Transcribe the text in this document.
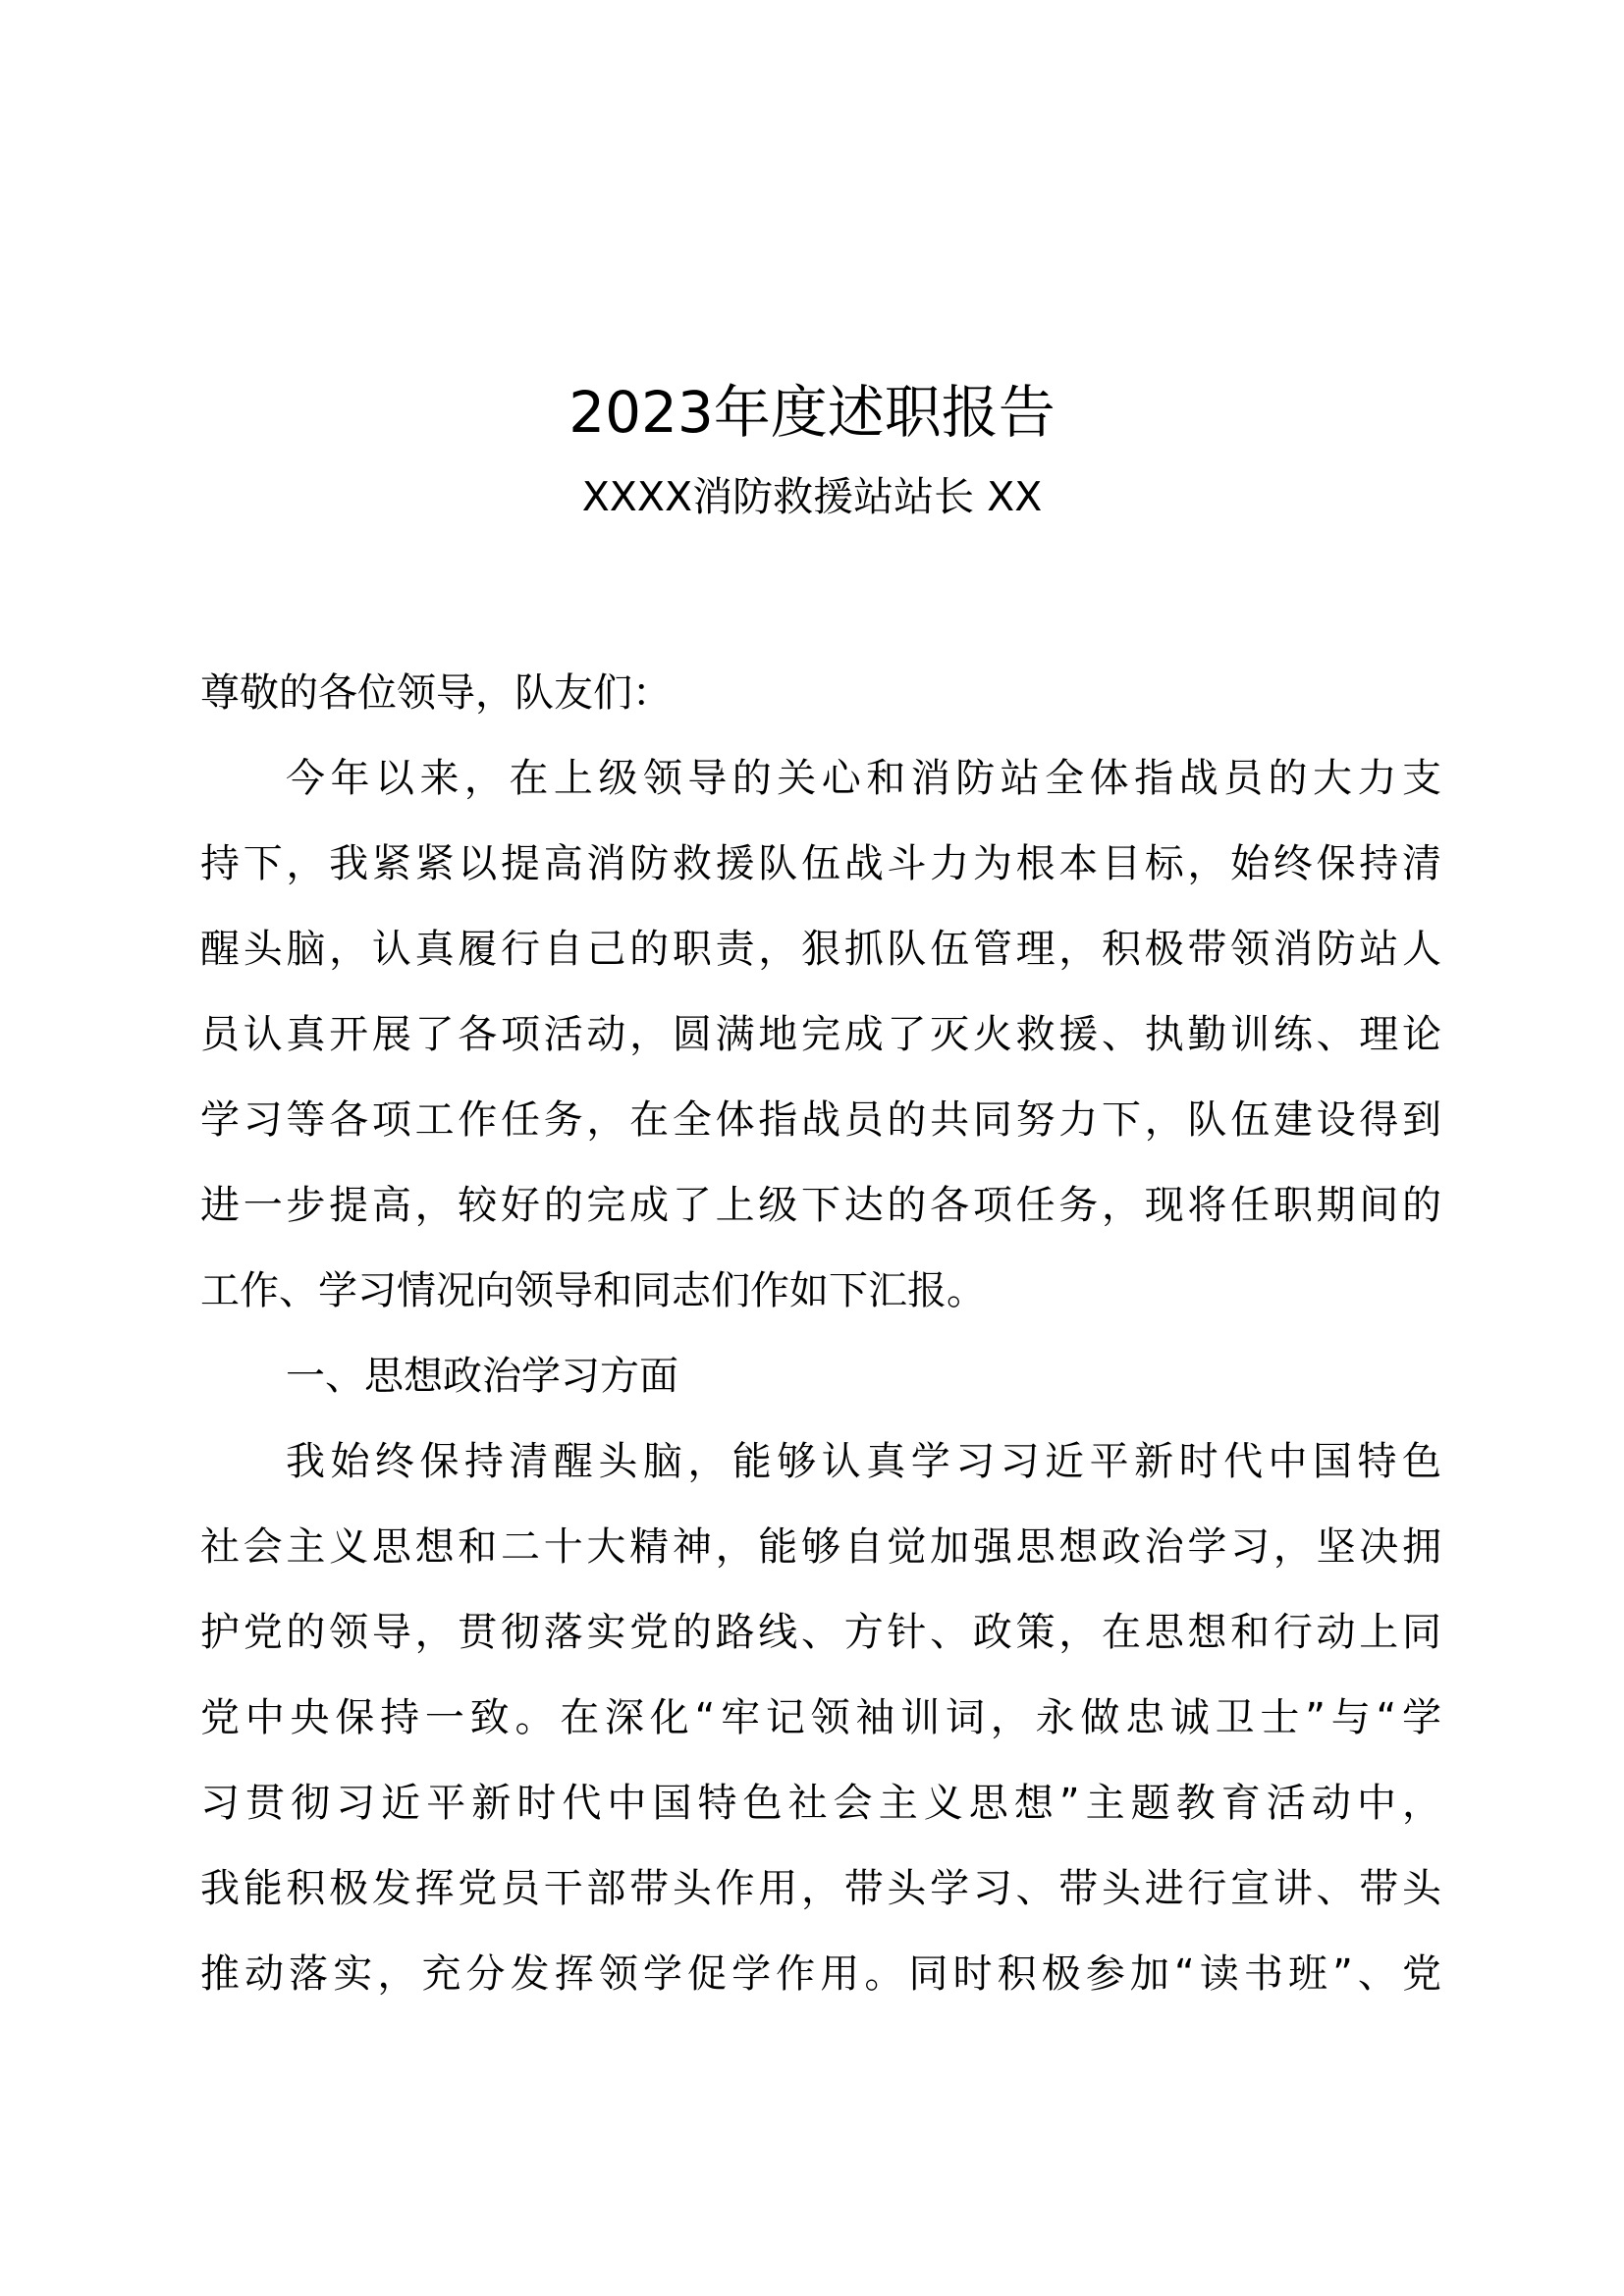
2023年度述职报告
XXXX消防救援站站长 XX
尊敬的各位领导，队友们：
今年以来，在上级领导的关心和消防站全体指战员的大力支
持下，我紧紧以提高消防救援队伍战斗力为根本目标，始终保持清
醒头脑，认真履行自己的职责，狠抓队伍管理，积极带领消防站人
员认真开展了各项活动，圆满地完成了灭火救援、执勤训练、理论
学习等各项工作任务，在全体指战员的共同努力下，队伍建设得到
进一步提高，较好的完成了上级下达的各项任务，现将任职期间的
工作、学习情况向领导和同志们作如下汇报。
一、思想政治学习方面
我始终保持清醒头脑，能够认真学习习近平新时代中国特色
社会主义思想和二十大精神，能够自觉加强思想政治学习，坚决拥
护党的领导，贯彻落实党的路线、方针、政策，在思想和行动上同
党中央保持一致。在深化“牢记领袖训词，永做忠诚卫士”与“学
习贯彻习近平新时代中国特色社会主义思想”主题教育活动中，
我能积极发挥党员干部带头作用，带头学习、带头进行宣讲、带头
推动落实，充分发挥领学促学作用。同时积极参加“读书班”、党
